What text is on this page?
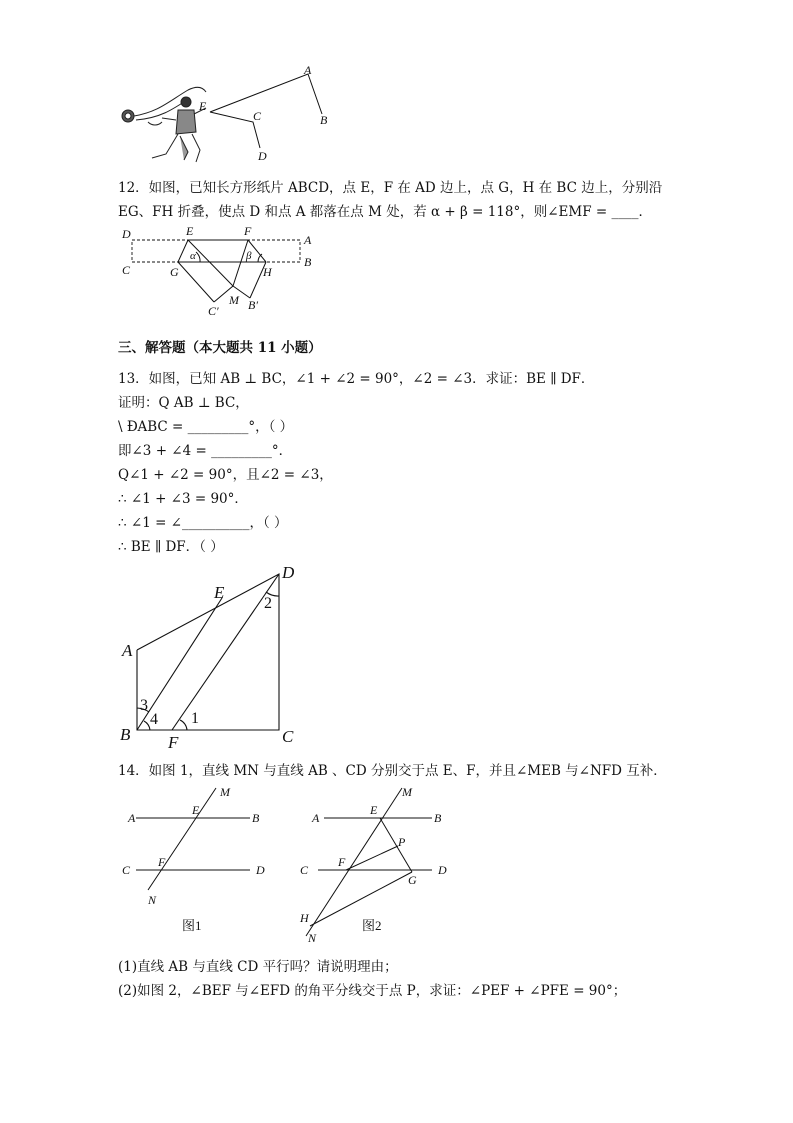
A
B
E
C
D
12．如图，已知长方形纸片 ABCD，点 E，F 在 AD 边上，点 G，H 在 BC 边上，分别沿
EG、FH 折叠，使点 D 和点 A 都落在点 M 处，若 α + β = 118°，则∠EMF = ____．
D	E	F
A
C	G	H
B
α	β
M
C′ B′
三、解答题（本大题共 11 小题）
13．如图，已知 AB ⊥ BC，∠1 + ∠2 = 90°，∠2 = ∠3．求证：BE ∥ DF．
证明：Q AB ⊥ BC，
\ ÐABC = _________°，（ ）
即∠3 + ∠4 = _________°．
Q∠1 + ∠2 = 90°，且∠2 = ∠3，
∴ ∠1 + ∠3 = 90°．
∴ ∠1 = ∠__________，（ ）
∴ BE ∥ DF．（ ）
A
B	C
D
E
F
1
2
3
4
14．如图 1，直线 MN 与直线 AB 、CD 分别交于点 E、F，并且∠MEB 与∠NFD 互补．
A	B
C	D
E
F
M
N
图1
A	B
C	D
E
F
M
N
P
G
H	图2
(1)直线 AB 与直线 CD 平行吗？请说明理由；
(2)如图 2，∠BEF 与∠EFD 的角平分线交于点 P，求证：∠PEF + ∠PFE = 90°；
